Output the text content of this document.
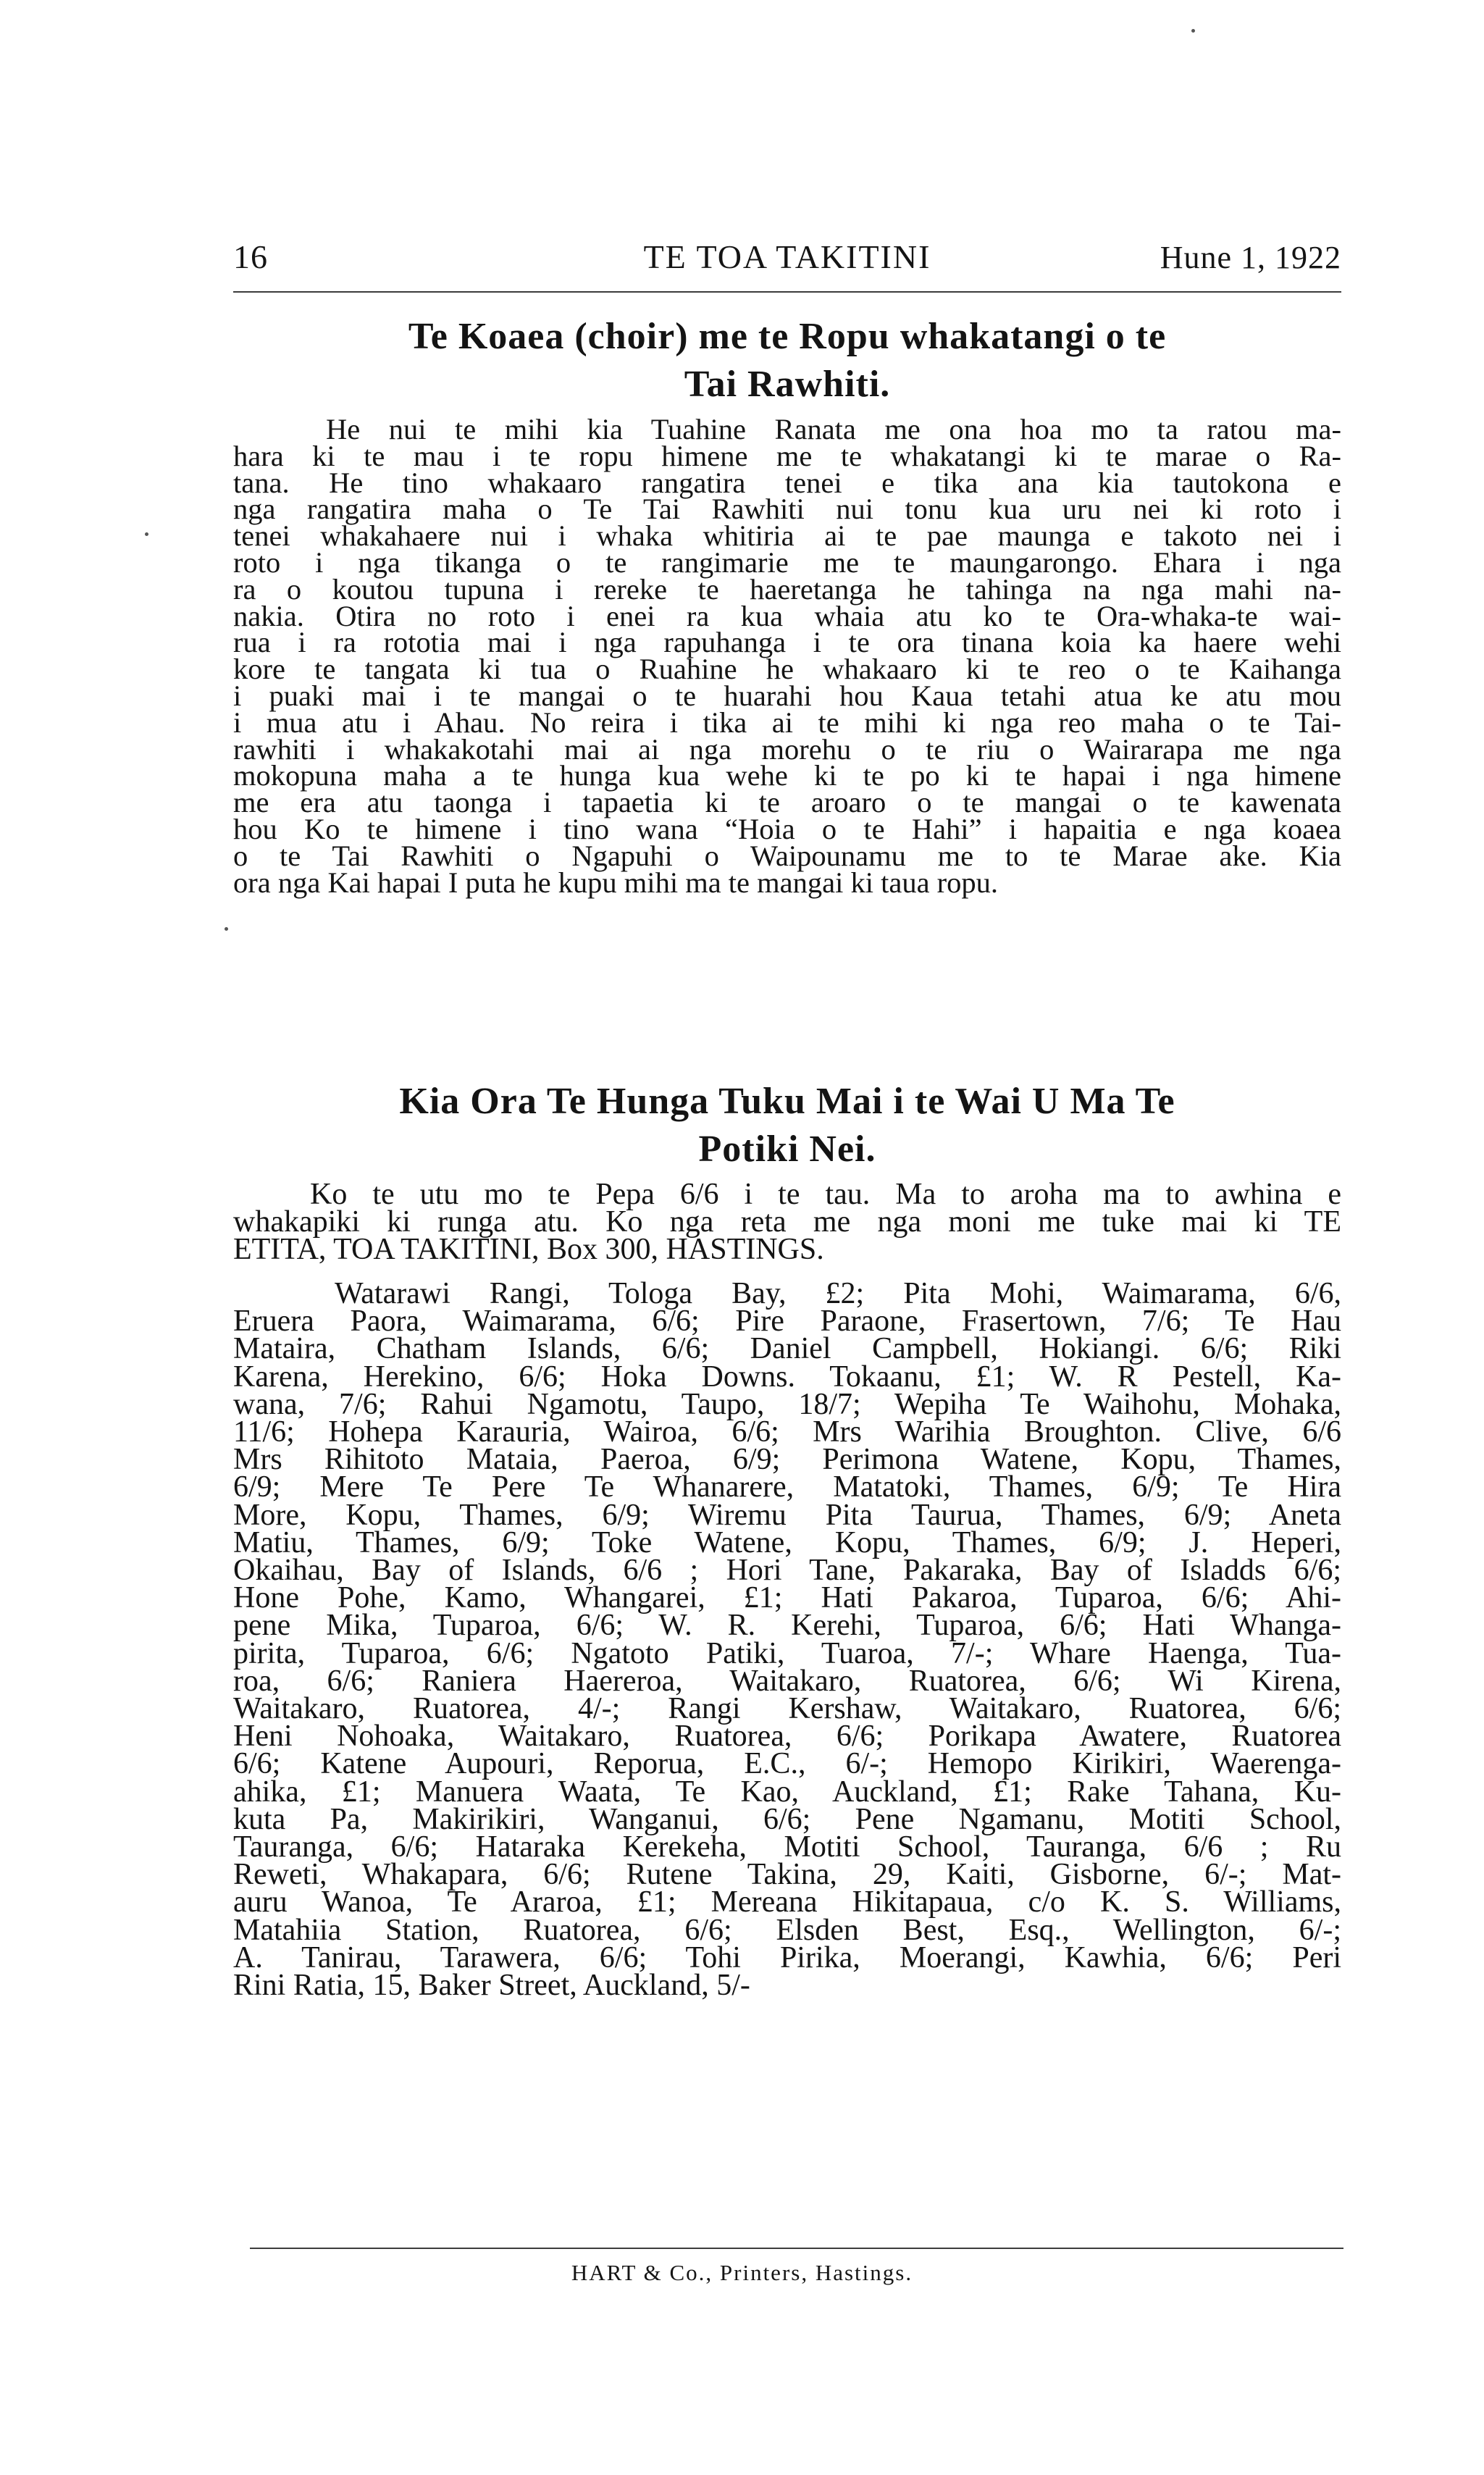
16	TE TOA TAKITINI	Hune 1, 1922
Te Koaea (choir) me te Ropu whakatangi o te
Tai Rawhiti.
He nui te mihi kia Tuahine Ranata me ona hoa mo ta ratou ma-
hara ki te mau i te ropu himene me te whakatangi ki te marae o Ra-
tana. He tino whakaaro rangatira tenei e tika ana kia tautokona e
nga rangatira maha o Te Tai Rawhiti nui tonu kua uru nei ki roto i
tenei whakahaere nui i whaka whitiria ai te pae maunga e takoto nei i
roto i nga tikanga o te rangimarie me te maungarongo. Ehara i nga
ra o koutou tupuna i rereke te haeretanga he tahinga na nga mahi na-
nakia. Otira no roto i enei ra kua whaia atu ko te Ora-whaka-te wai-
rua i ra rototia mai i nga rapuhanga i te ora tinana koia ka haere wehi
kore te tangata ki tua o Ruahine he whakaaro ki te reo o te Kaihanga
i puaki mai i te mangai o te huarahi hou Kaua tetahi atua ke atu mou
i mua atu i Ahau. No reira i tika ai te mihi ki nga reo maha o te Tai-
rawhiti i whakakotahi mai ai nga morehu o te riu o Wairarapa me nga
mokopuna maha a te hunga kua wehe ki te po ki te hapai i nga himene
me era atu taonga i tapaetia ki te aroaro o te mangai o te kawenata
hou Ko te himene i tino wana “Hoia o te Hahi” i hapaitia e nga koaea
o te Tai Rawhiti o Ngapuhi o Waipounamu me to te Marae ake. Kia
ora nga Kai hapai I puta he kupu mihi ma te mangai ki taua ropu.
Kia Ora Te Hunga Tuku Mai i te Wai U Ma Te
Potiki Nei.
Ko te utu mo te Pepa 6/6 i te tau. Ma to aroha ma to awhina e
whakapiki ki runga atu. Ko nga reta me nga moni me tuke mai ki TE
ETITA, TOA TAKITINI, Box 300, HASTINGS.
Watarawi Rangi, Tologa Bay, £2; Pita Mohi, Waimarama, 6/6,
Eruera Paora, Waimarama, 6/6; Pire Paraone, Frasertown, 7/6; Te Hau
Mataira, Chatham Islands, 6/6; Daniel Campbell, Hokiangi. 6/6; Riki
Karena, Herekino, 6/6; Hoka Downs. Tokaanu, £1; W. R Pestell, Ka-
wana, 7/6; Rahui Ngamotu, Taupo, 18/7; Wepiha Te Waihohu, Mohaka,
11/6; Hohepa Karauria, Wairoa, 6/6; Mrs Warihia Broughton. Clive, 6/6
Mrs Rihitoto Mataia, Paeroa, 6/9; Perimona Watene, Kopu, Thames,
6/9; Mere Te Pere Te Whanarere, Matatoki, Thames, 6/9; Te Hira
More, Kopu, Thames, 6/9; Wiremu Pita Taurua, Thames, 6/9; Aneta
Matiu, Thames, 6/9; Toke Watene, Kopu, Thames, 6/9; J. Heperi,
Okaihau, Bay of Islands, 6/6 ; Hori Tane, Pakaraka, Bay of Isladds 6/6;
Hone Pohe, Kamo, Whangarei, £1; Hati Pakaroa, Tuparoa, 6/6; Ahi-
pene Mika, Tuparoa, 6/6; W. R. Kerehi, Tuparoa, 6/6; Hati Whanga-
pirita, Tuparoa, 6/6; Ngatoto Patiki, Tuaroa, 7/-; Whare Haenga, Tua-
roa, 6/6; Raniera Haereroa, Waitakaro, Ruatorea, 6/6; Wi Kirena,
Waitakaro, Ruatorea, 4/-; Rangi Kershaw, Waitakaro, Ruatorea, 6/6;
Heni Nohoaka, Waitakaro, Ruatorea, 6/6; Porikapa Awatere, Ruatorea
6/6; Katene Aupouri, Reporua, E.C., 6/-; Hemopo Kirikiri, Waerenga-
ahika, £1; Manuera Waata, Te Kao, Auckland, £1; Rake Tahana, Ku-
kuta Pa, Makirikiri, Wanganui, 6/6; Pene Ngamanu, Motiti School,
Tauranga, 6/6; Hataraka Kerekeha, Motiti School, Tauranga, 6/6 ; Ru
Reweti, Whakapara, 6/6; Rutene Takina, 29, Kaiti, Gisborne, 6/-; Mat-
auru Wanoa, Te Araroa, £1; Mereana Hikitapaua, c/o K. S. Williams,
Matahiia Station, Ruatorea, 6/6; Elsden Best, Esq., Wellington, 6/-;
A. Tanirau, Tarawera, 6/6; Tohi Pirika, Moerangi, Kawhia, 6/6; Peri
Rini Ratia, 15, Baker Street, Auckland, 5/-
HART & Co., Printers, Hastings.
